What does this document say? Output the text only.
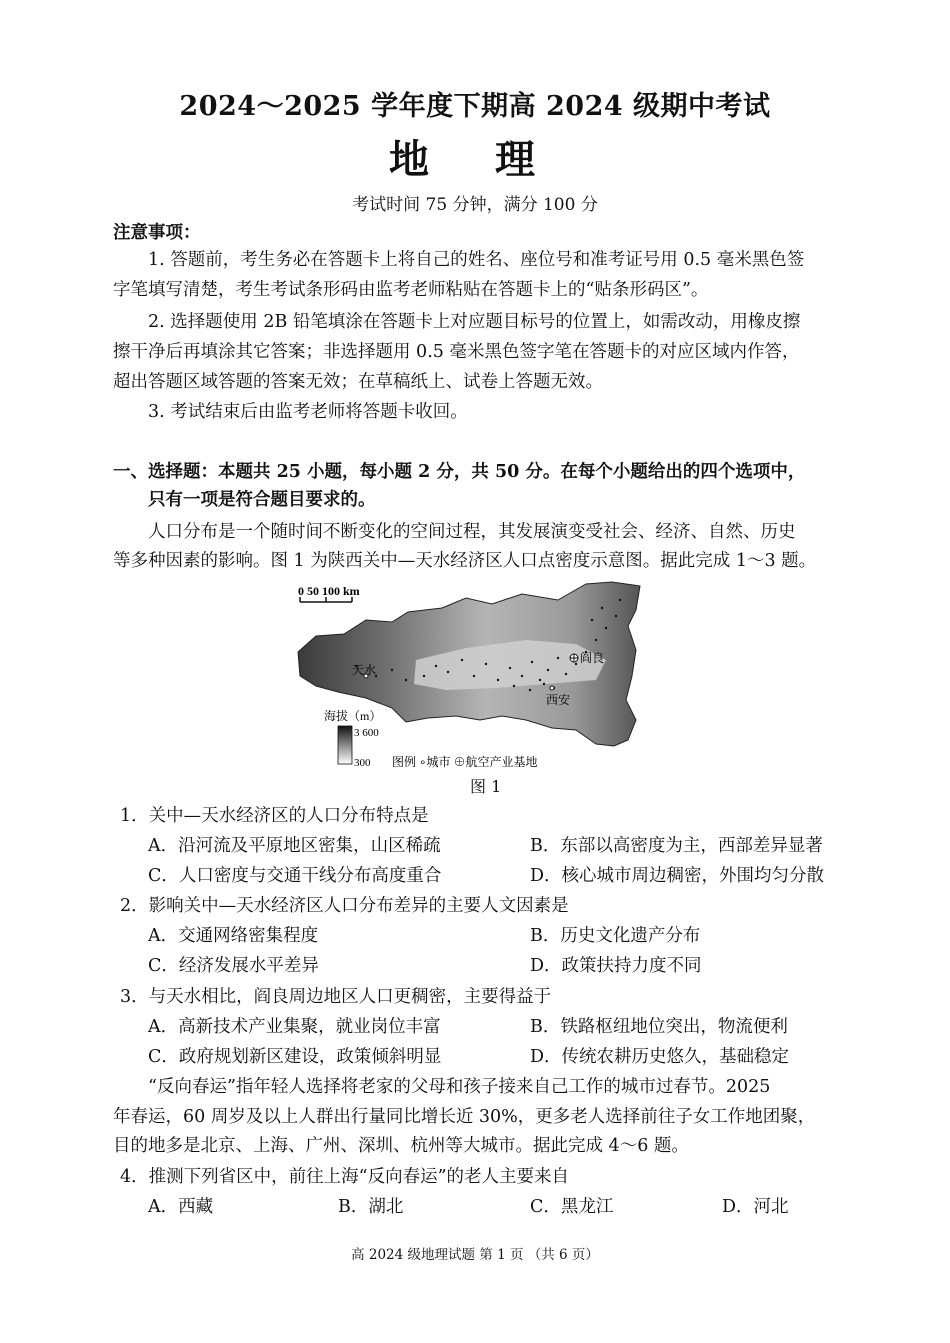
2024～2025 学年度下期高 2024 级期中考试
地 理
考试时间 75 分钟，满分 100 分
注意事项：
1. 答题前，考生务必在答题卡上将自己的姓名、座位号和准考证号用 0.5 毫米黑色签
字笔填写清楚，考生考试条形码由监考老师粘贴在答题卡上的“贴条形码区”。
2. 选择题使用 2B 铅笔填涂在答题卡上对应题目标号的位置上，如需改动，用橡皮擦
擦干净后再填涂其它答案；非选择题用 0.5 毫米黑色签字笔在答题卡的对应区域内作答，
超出答题区域答题的答案无效；在草稿纸上、试卷上答题无效。
3. 考试结束后由监考老师将答题卡收回。
一、选择题：本题共 25 小题，每小题 2 分，共 50 分。在每个小题给出的四个选项中，
只有一项是符合题目要求的。
人口分布是一个随时间不断变化的空间过程，其发展演变受社会、经济、自然、历史
等多种因素的影响。图 1 为陕西关中—天水经济区人口点密度示意图。据此完成 1～3 题。
0 50 100 km
天水
西安
阎良
海拔（m）
3 600
300 图例 ∘城市 ⊕航空产业基地
图 1
1．关中—天水经济区的人口分布特点是
A．沿河流及平原地区密集，山区稀疏	B．东部以高密度为主，西部差异显著
C．人口密度与交通干线分布高度重合	D．核心城市周边稠密，外围均匀分散
2．影响关中—天水经济区人口分布差异的主要人文因素是
A．交通网络密集程度	B．历史文化遗产分布
C．经济发展水平差异	D．政策扶持力度不同
3．与天水相比，阎良周边地区人口更稠密，主要得益于
A．高新技术产业集聚，就业岗位丰富	B．铁路枢纽地位突出，物流便利
C．政府规划新区建设，政策倾斜明显	D．传统农耕历史悠久，基础稳定
“反向春运”指年轻人选择将老家的父母和孩子接来自己工作的城市过春节。2025
年春运，60 周岁及以上人群出行量同比增长近 30%，更多老人选择前往子女工作地团聚，
目的地多是北京、上海、广州、深圳、杭州等大城市。据此完成 4～6 题。
4．推测下列省区中，前往上海“反向春运”的老人主要来自
A．西藏	B．湖北	C．黑龙江	D．河北
高 2024 级地理试题 第 1 页 （共 6 页）
